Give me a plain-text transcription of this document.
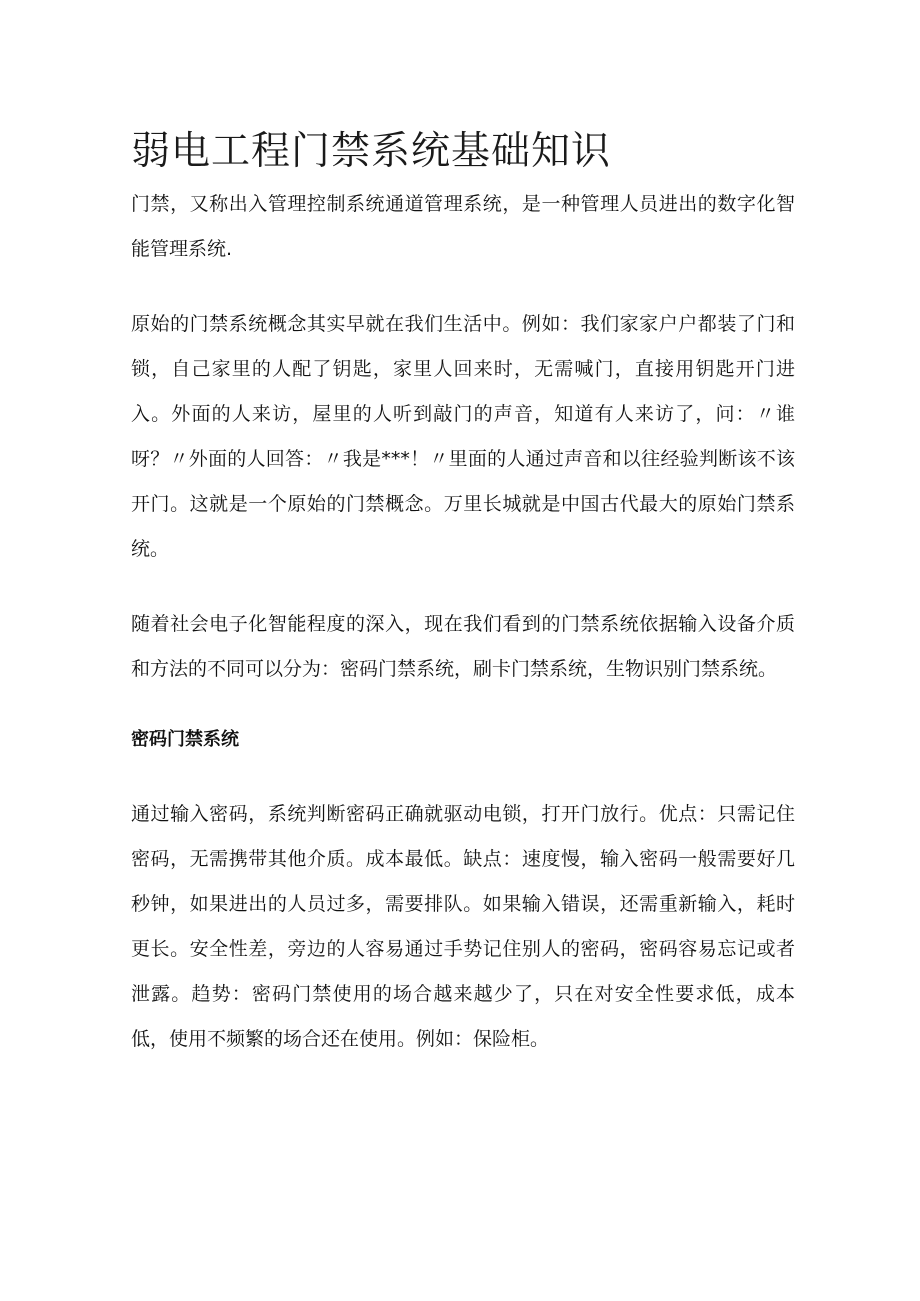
弱电工程门禁系统基础知识

门禁，又称出入管理控制系统通道管理系统，是一种管理人员进出的数字化智能管理系统.

原始的门禁系统概念其实早就在我们生活中。例如：我们家家户户都装了门和锁，自己家里的人配了钥匙，家里人回来时，无需喊门，直接用钥匙开门进入。外面的人来访，屋里的人听到敲门的声音，知道有人来访了，问：〃谁呀？〃外面的人回答：〃我是***！〃里面的人通过声音和以往经验判断该不该开门。这就是一个原始的门禁概念。万里长城就是中国古代最大的原始门禁系统。

随着社会电子化智能程度的深入，现在我们看到的门禁系统依据输入设备介质和方法的不同可以分为：密码门禁系统，刷卡门禁系统，生物识别门禁系统。

密码门禁系统

通过输入密码，系统判断密码正确就驱动电锁，打开门放行。优点：只需记住密码，无需携带其他介质。成本最低。缺点：速度慢，输入密码一般需要好几秒钟，如果进出的人员过多，需要排队。如果输入错误，还需重新输入，耗时更长。安全性差，旁边的人容易通过手势记住别人的密码，密码容易忘记或者泄露。趋势：密码门禁使用的场合越来越少了，只在对安全性要求低，成本低，使用不频繁的场合还在使用。例如：保险柜。
